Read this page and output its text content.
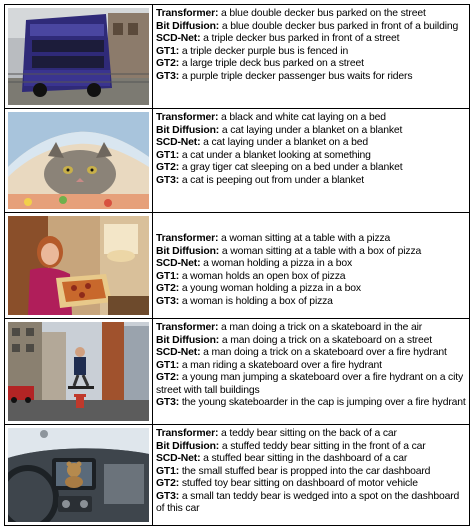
Transformer: a blue double decker bus parked on the street

Bit Diffusion: a blue double decker bus parked in front of a building

SCD-Net: a triple decker bus parked in front of a street

GT1: a triple decker purple bus is fenced in

GT2: a large triple deck bus parked on a street

GT3: a purple triple decker passenger bus waits for riders

Transformer: a black and white cat laying on a bed

Bit Diffusion: a cat laying under a blanket on a blanket

SCD-Net: a cat laying under a blanket on a bed

GT1: a cat under a blanket looking at something

GT2: a gray tiger cat sleeping on a bed under a blanket

GT3: a cat is peeping out from under a blanket

Transformer: a woman sitting at a table with a pizza

Bit Diffusion: a woman sitting at a table with a box of pizza

SCD-Net: a woman holding a pizza in a box

GT1: a woman holds an open box of pizza

GT2: a young woman holding a pizza in a box

GT3: a woman is holding a box of pizza

Transformer: a man doing a trick on a skateboard in the air

Bit Diffusion: a man doing a trick on a skateboard on a street

SCD-Net: a man doing a trick on a skateboard over a fire hydrant

GT1: a man riding a skateboard over a fire hydrant

GT2: a young man jumping a skateboard over a fire hydrant on a city street with tall buildings

GT3: the young skateboarder in the cap is jumping over a fire hydrant

Transformer: a teddy bear sitting on the back of a car

Bit Diffusion: a stuffed teddy bear sitting in the front of a car

SCD-Net: a stuffed bear sitting in the dashboard of a car

GT1: the small stuffed bear is propped into the car dashboard

GT2: stuffed toy bear sitting on dashboard of motor vehicle

GT3: a small tan teddy bear is wedged into a spot on the dashboard of this car
